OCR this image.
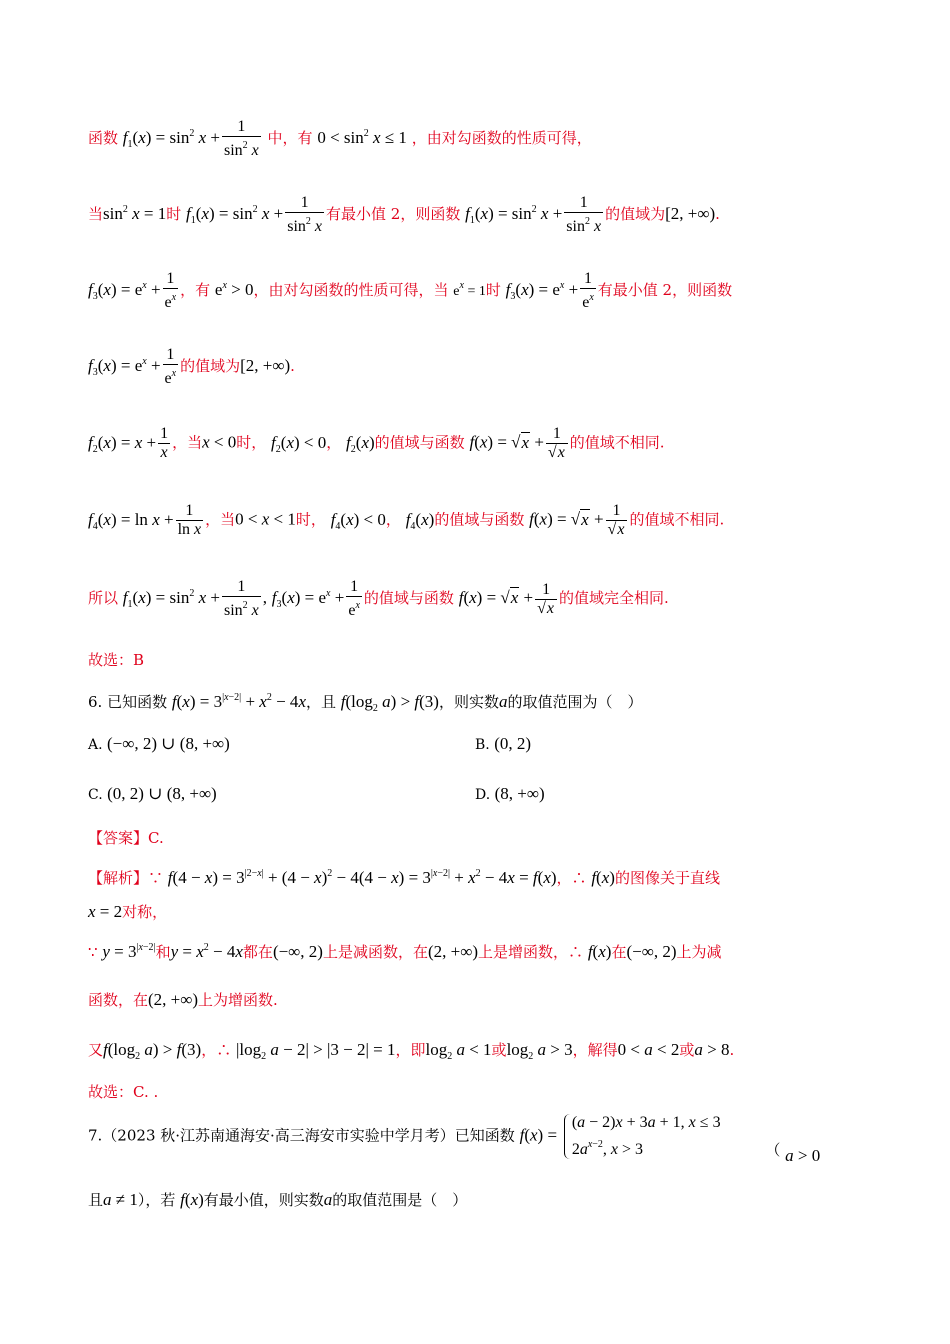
函数 $f_1(x) = \sin^2 x + \frac{1}{\sin^2 x}$ 中，有 $0 < \sin^2 x \le 1$ ，由对勾函数的性质可得，
当$\sin^2 x = 1$时 $f_1(x) = \sin^2 x + \frac{1}{\sin^2 x}$ 有最小值 2，则函数 $f_1(x) = \sin^2 x + \frac{1}{\sin^2 x}$ 的值域为[2, +∞).
$f_3(x) = e^x + \frac{1}{e^x}$ ，有 $e^x > 0$，由对勾函数的性质可得，当 $e^x = 1$时 $f_3(x) = e^x + \frac{1}{e^x}$ 有最小值 2，则函数
$f_3(x) = e^x + \frac{1}{e^x}$ 的值域为[2, +∞).
$f_2(x) = x + \frac{1}{x}$ ，当x < 0时， $f_2(x) < 0$， $f_2(x)$的值域与函数 $f(x) = √x + \frac{1}{√x}$ 的值域不相同.
$f_4(x) = \ln x + \frac{1}{\text{ln x}}$ ，当0 < x < 1时， $f_4(x) < 0$， $f_4(x)$的值域与函数 $f(x) = √x + \frac{1}{√x}$ 的值域不相同.
所以 $f_1(x) = \sin^2 x + \frac{1}{\sin^2 x}$ , $f_3(x) = e^x + \frac{1}{e^x}$ 的值域与函数 $f(x) = √x + \frac{1}{√x}$ 的值域完全相同.
故选：B
6. 已知函数 $f(x) = 3^{|x-2|} + x^2 - 4x$，且 $f(\log_2$ a) > f(3)，则实数a的取值范围为（　）
A. (−∞, 2) ∪ (8, +∞)	B. (0, 2)
C. (0, 2) ∪ (8, +∞)	D. (8, +∞)
【答案】C.
【解析】∵ $f(4 - x) = 3^{|2-x|} + (4 - x)^2 - 4(4 - x) = 3^{|x-2|} + x^2 - 4x = f(x)$，∴ f(x)的图像关于直线
x = 2对称，
∵ $y = 3^{|x-2|}$和$y = x^2 - 4x$都在(−∞, 2)上是减函数，在(2, +∞)上是增函数，∴ f(x)在(−∞, 2)上为减
函数，在(2, +∞)上为增函数.
又$f(\log_2$ a) > f(3)，∴ $|\log_2$ a − 2| > |3 − 2| = 1，即$\log_2 a < 1$或$\log_2 a > 3$，解得0 < a < 2或a > 8.
故选：C. .
7.（2023 秋·江苏南通海安·高三海安市实验中学月考）已知函数 f(x) =
(a − 2)x + 3a + 1, x ≤ 3
$2a^{x-2}$, x > 3	（ a > 0
且a ≠ 1），若 f(x)有最小值，则实数a的取值范围是（　）
